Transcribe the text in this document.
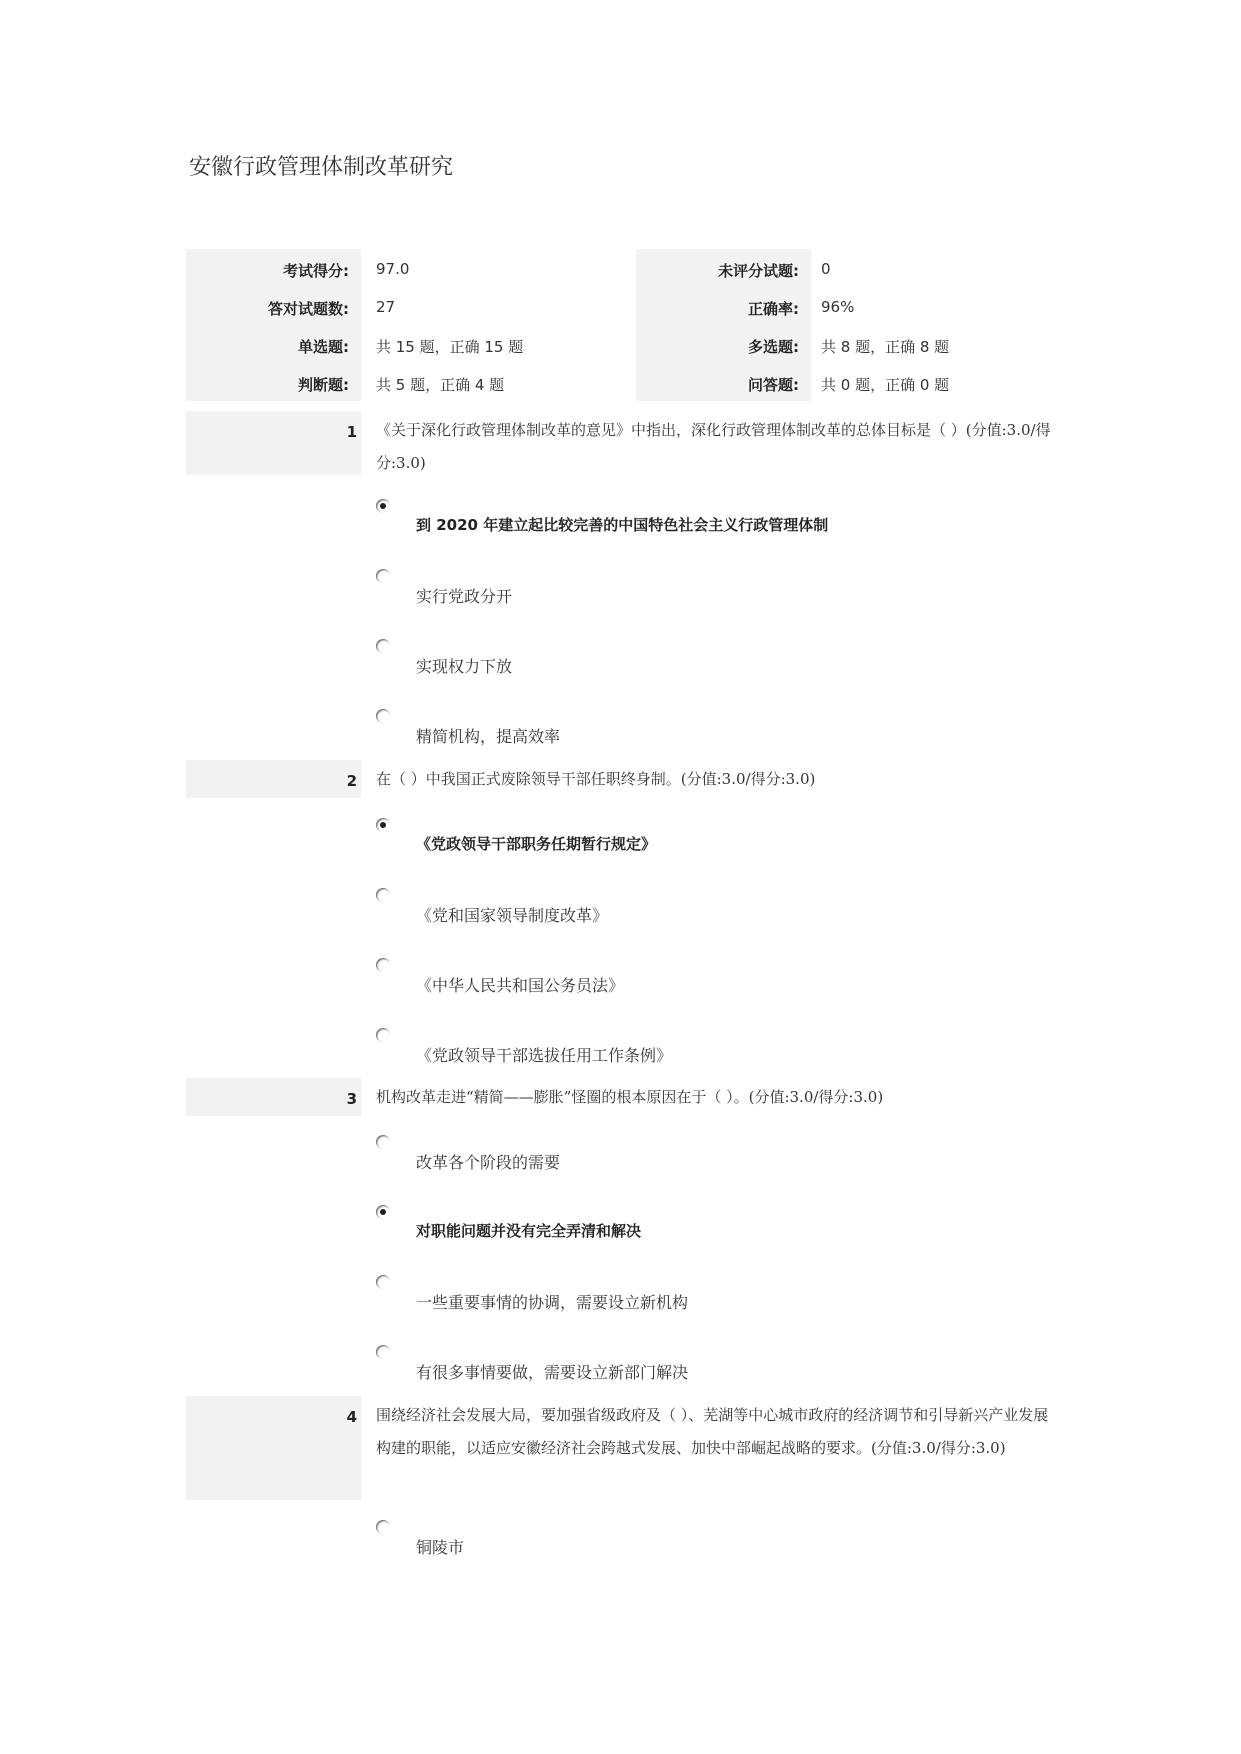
安徽行政管理体制改革研究
考试得分: 97.0	未评分试题: 0
答对试题数: 27	正确率: 96%
单选题: 共 15 题，正确 15 题	多选题: 共 8 题，正确 8 题
判断题: 共 5 题，正确 4 题	问答题: 共 0 题，正确 0 题
1 《关于深化行政管理体制改革的意见》中指出，深化行政管理体制改革的总体目标是（ ）(分值:3.0/得分:3.0)
到 2020 年建立起比较完善的中国特色社会主义行政管理体制
实行党政分开
实现权力下放
精简机构，提高效率
2 在（ ）中我国正式废除领导干部任职终身制。(分值:3.0/得分:3.0)
《党政领导干部职务任期暂行规定》
《党和国家领导制度改革》
《中华人民共和国公务员法》
《党政领导干部选拔任用工作条例》
3 机构改革走进“精简——膨胀”怪圈的根本原因在于（ ）。(分值:3.0/得分:3.0)
改革各个阶段的需要
对职能问题并没有完全弄清和解决
一些重要事情的协调，需要设立新机构
有很多事情要做，需要设立新部门解决
4 围绕经济社会发展大局，要加强省级政府及（ ）、芜湖等中心城市政府的经济调节和引导新兴产业发展构建的职能，以适应安徽经济社会跨越式发展、加快中部崛起战略的要求。(分值:3.0/得分:3.0)
铜陵市
